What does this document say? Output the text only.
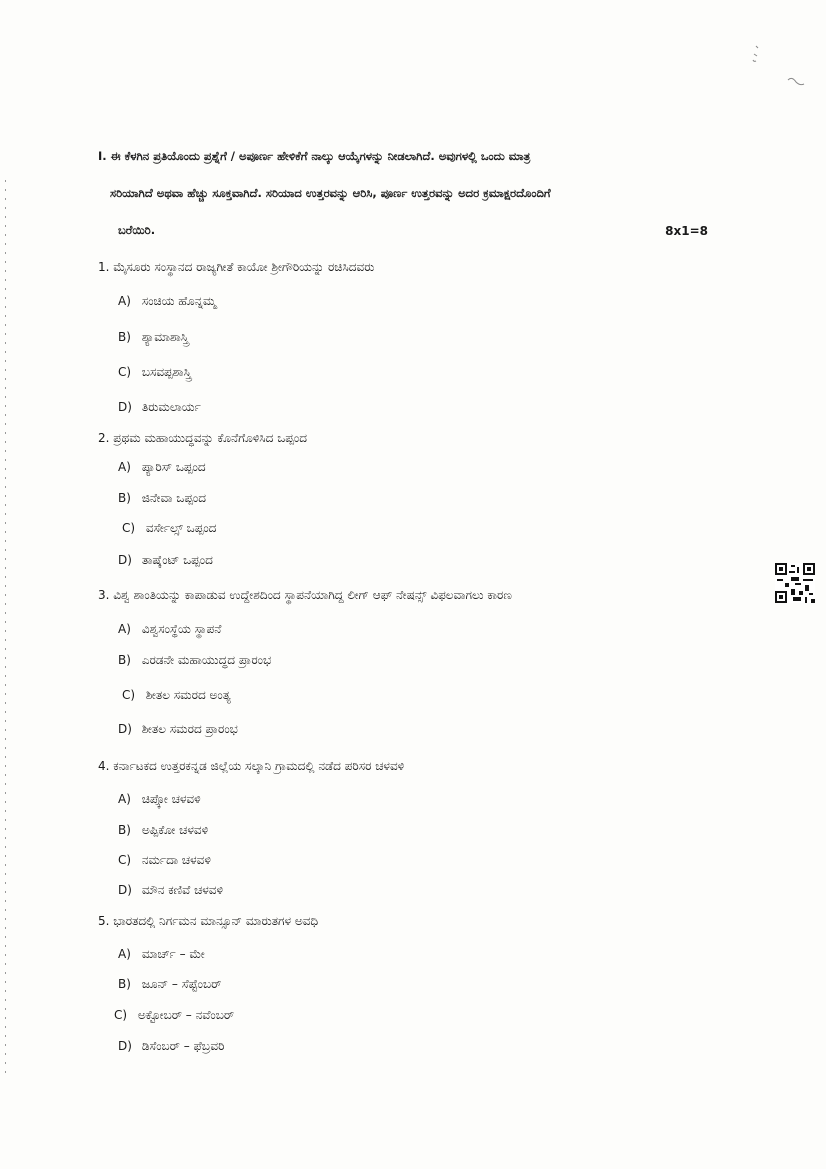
I. ಈ ಕೆಳಗಿನ ಪ್ರತಿಯೊಂದು ಪ್ರಶ್ನೆಗೆ / ಅಪೂರ್ಣ ಹೇಳಿಕೆಗೆ ನಾಲ್ಕು ಆಯ್ಕೆಗಳನ್ನು ನೀಡಲಾಗಿದೆ. ಅವುಗಳಲ್ಲಿ ಒಂದು ಮಾತ್ರ
ಸರಿಯಾಗಿದೆ ಅಥವಾ ಹೆಚ್ಚು ಸೂಕ್ತವಾಗಿದೆ. ಸರಿಯಾದ ಉತ್ತರವನ್ನು ಆರಿಸಿ, ಪೂರ್ಣ ಉತ್ತರವನ್ನು ಅದರ ಕ್ರಮಾಕ್ಷರದೊಂದಿಗೆ
ಬರೆಯಿರಿ.	8x1=8
1. ಮೈಸೂರು ಸಂಸ್ಥಾನದ ರಾಜ್ಯಗೀತೆ ಕಾಯೋ ಶ್ರೀಗೌರಿಯನ್ನು ರಚಿಸಿದವರು
A) ಸಂಚಿಯ ಹೊನ್ನಮ್ಮ
B) ಶ್ಯಾಮಾಶಾಸ್ತ್ರಿ
C) ಬಸವಪ್ಪಶಾಸ್ತ್ರಿ
D) ತಿರುಮಲಾರ್ಯ
2. ಪ್ರಥಮ ಮಹಾಯುದ್ಧವನ್ನು ಕೊನೆಗೊಳಿಸಿದ ಒಪ್ಪಂದ
A) ಪ್ಯಾರಿಸ್ ಒಪ್ಪಂದ
B) ಜಿನೇವಾ ಒಪ್ಪಂದ
C) ವರ್ಸೇಲ್ಸ್ ಒಪ್ಪಂದ
D) ತಾಷ್ಕೆಂಟ್ ಒಪ್ಪಂದ
3. ವಿಶ್ವ ಶಾಂತಿಯನ್ನು ಕಾಪಾಡುವ ಉದ್ದೇಶದಿಂದ ಸ್ಥಾಪನೆಯಾಗಿದ್ದ ಲೀಗ್ ಆಫ್ ನೇಷನ್ಸ್ ವಿಫಲವಾಗಲು ಕಾರಣ
A) ವಿಶ್ವಸಂಸ್ಥೆಯ ಸ್ಥಾಪನೆ
B) ಎರಡನೇ ಮಹಾಯುದ್ಧದ ಪ್ರಾರಂಭ
C) ಶೀತಲ ಸಮರದ ಅಂತ್ಯ
D) ಶೀತಲ ಸಮರದ ಪ್ರಾರಂಭ
4. ಕರ್ನಾಟಕದ ಉತ್ತರಕನ್ನಡ ಜಿಲ್ಲೆಯ ಸಲ್ಕಾನಿ ಗ್ರಾಮದಲ್ಲಿ ನಡೆದ ಪರಿಸರ ಚಳವಳಿ
A) ಚಿಪ್ಕೋ ಚಳವಳಿ
B) ಅಪ್ಪಿಕೋ ಚಳವಳಿ
C) ನರ್ಮದಾ ಚಳವಳಿ
D) ಮೌನ ಕಣಿವೆ ಚಳವಳಿ
5. ಭಾರತದಲ್ಲಿ ನಿರ್ಗಮನ ಮಾನ್ಸೂನ್ ಮಾರುತಗಳ ಅವಧಿ
A) ಮಾರ್ಚ್ – ಮೇ
B) ಜೂನ್ – ಸೆಪ್ಟೆಂಬರ್
C) ಅಕ್ಟೋಬರ್ – ನವೆಂಬರ್
D) ಡಿಸೆಂಬರ್ – ಫೆಬ್ರವರಿ
